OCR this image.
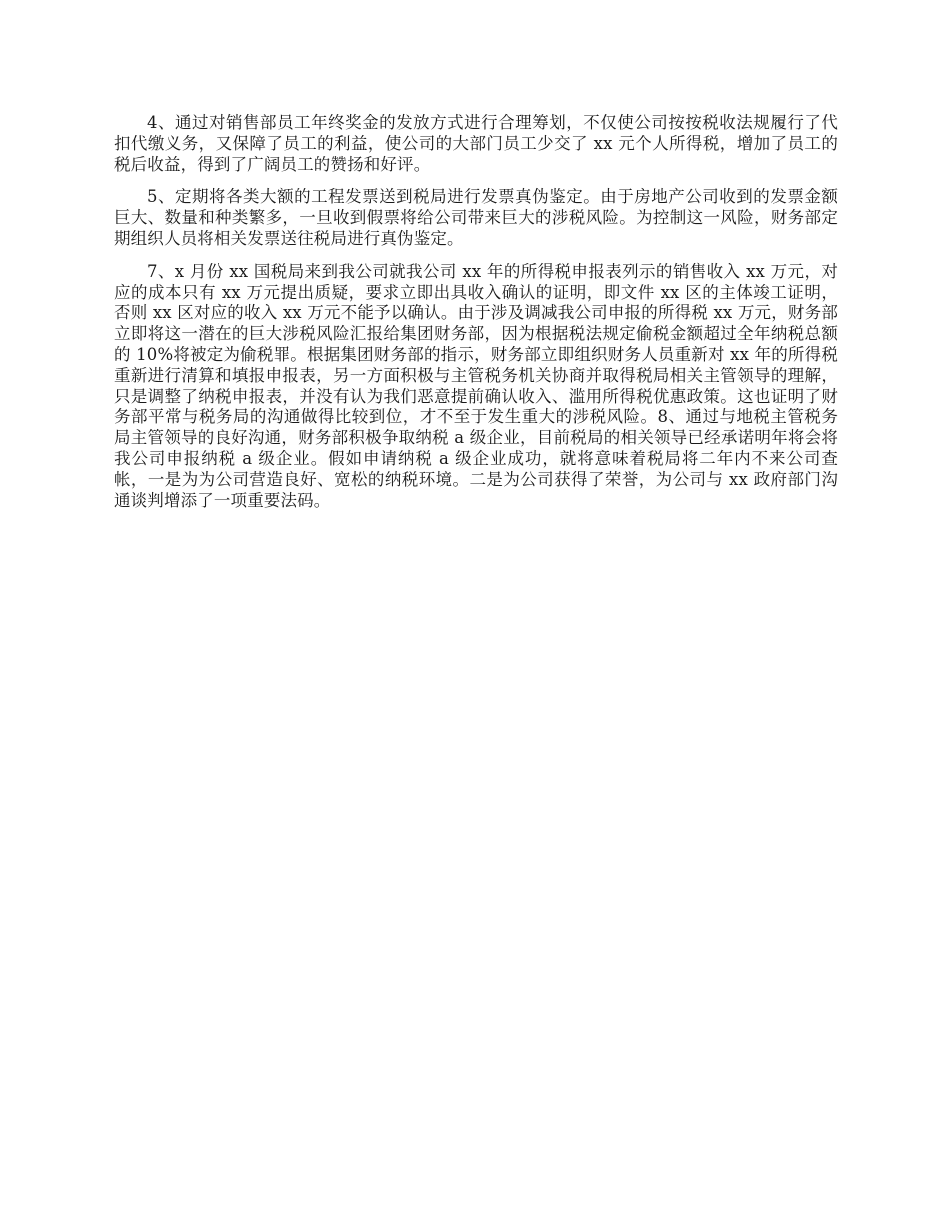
4、通过对销售部员工年终奖金的发放方式进行合理筹划，不仅使公司按按税收法规履行了代扣代缴义务，又保障了员工的利益，使公司的大部门员工少交了 xx 元个人所得税，增加了员工的税后收益，得到了广阔员工的赞扬和好评。

5、定期将各类大额的工程发票送到税局进行发票真伪鉴定。由于房地产公司收到的发票金额巨大、数量和种类繁多，一旦收到假票将给公司带来巨大的涉税风险。为控制这一风险，财务部定期组织人员将相关发票送往税局进行真伪鉴定。

7、x 月份 xx 国税局来到我公司就我公司 xx 年的所得税申报表列示的销售收入 xx 万元，对应的成本只有 xx 万元提出质疑，要求立即出具收入确认的证明，即文件 xx 区的主体竣工证明，否则 xx 区对应的收入 xx 万元不能予以确认。由于涉及调减我公司申报的所得税 xx 万元，财务部立即将这一潜在的巨大涉税风险汇报给集团财务部，因为根据税法规定偷税金额超过全年纳税总额的 10%将被定为偷税罪。根据集团财务部的指示，财务部立即组织财务人员重新对 xx 年的所得税重新进行清算和填报申报表，另一方面积极与主管税务机关协商并取得税局相关主管领导的理解，只是调整了纳税申报表，并没有认为我们恶意提前确认收入、滥用所得税优惠政策。这也证明了财务部平常与税务局的沟通做得比较到位，才不至于发生重大的涉税风险。8、通过与地税主管税务局主管领导的良好沟通，财务部积极争取纳税 a 级企业，目前税局的相关领导已经承诺明年将会将我公司申报纳税 a 级企业。假如申请纳税 a 级企业成功，就将意味着税局将二年内不来公司查帐，一是为为公司营造良好、宽松的纳税环境。二是为公司获得了荣誉，为公司与 xx 政府部门沟通谈判增添了一项重要法码。
